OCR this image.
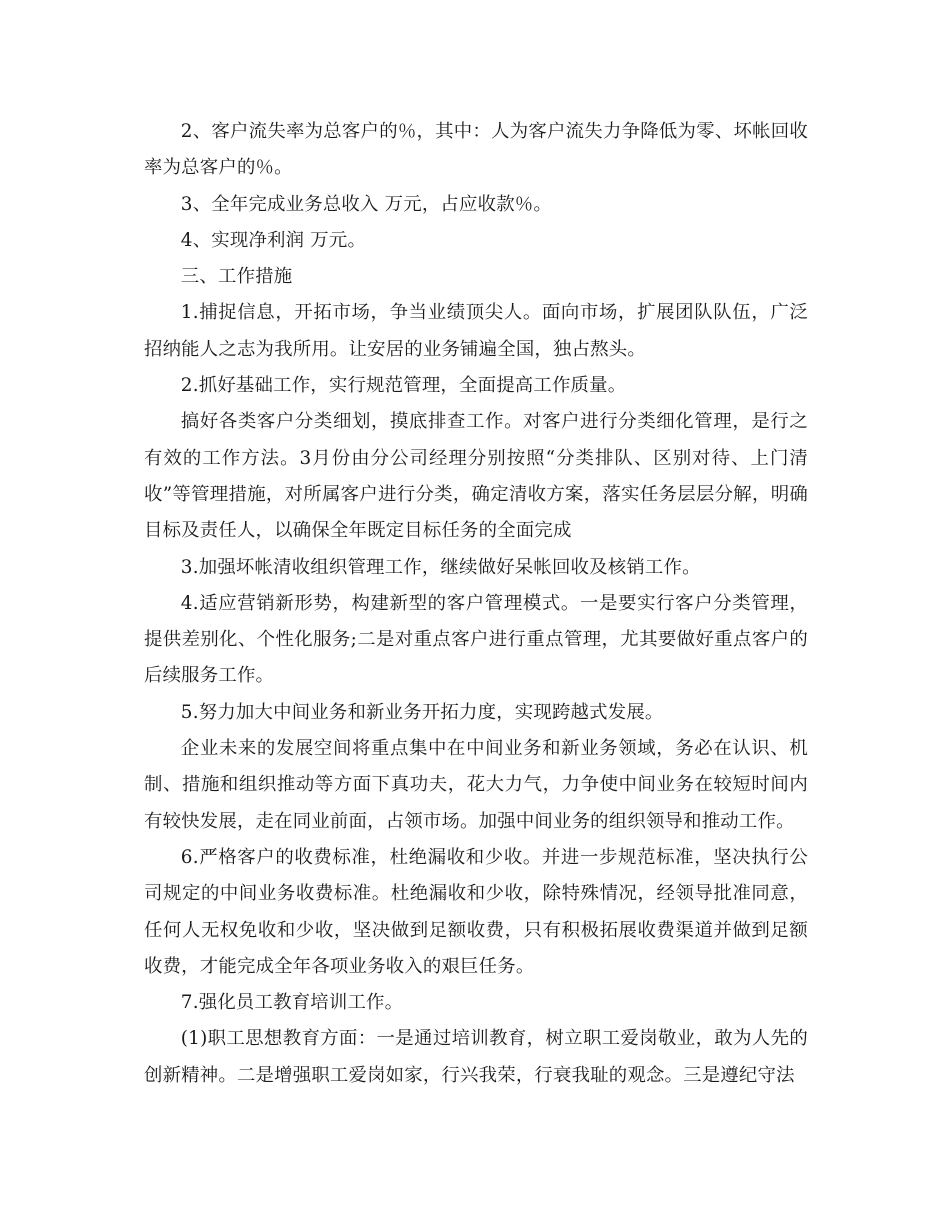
2、客户流失率为总客户的％，其中：人为客户流失力争降低为零、坏帐回收率为总客户的％。

3、全年完成业务总收入 万元，占应收款％。

4、实现净利润 万元。

三、工作措施

1.捕捉信息，开拓市场，争当业绩顶尖人。面向市场，扩展团队队伍，广泛招纳能人之志为我所用。让安居的业务铺遍全国，独占熬头。

2.抓好基础工作，实行规范管理，全面提高工作质量。

搞好各类客户分类细划，摸底排查工作。对客户进行分类细化管理，是行之有效的工作方法。3月份由分公司经理分别按照“分类排队、区别对待、上门清收”等管理措施，对所属客户进行分类，确定清收方案，落实任务层层分解，明确目标及责任人，以确保全年既定目标任务的全面完成

3.加强坏帐清收组织管理工作，继续做好呆帐回收及核销工作。

4.适应营销新形势，构建新型的客户管理模式。一是要实行客户分类管理，提供差别化、个性化服务;二是对重点客户进行重点管理，尤其要做好重点客户的后续服务工作。

5.努力加大中间业务和新业务开拓力度，实现跨越式发展。

企业未来的发展空间将重点集中在中间业务和新业务领域，务必在认识、机制、措施和组织推动等方面下真功夫，花大力气，力争使中间业务在较短时间内有较快发展，走在同业前面，占领市场。加强中间业务的组织领导和推动工作。

6.严格客户的收费标准，杜绝漏收和少收。并进一步规范标准，坚决执行公司规定的中间业务收费标准。杜绝漏收和少收，除特殊情况，经领导批准同意，任何人无权免收和少收，坚决做到足额收费，只有积极拓展收费渠道并做到足额收费，才能完成全年各项业务收入的艰巨任务。

7.强化员工教育培训工作。

(1)职工思想教育方面：一是通过培训教育，树立职工爱岗敬业，敢为人先的创新精神。二是增强职工爱岗如家，行兴我荣，行衰我耻的观念。三是遵纪守法
